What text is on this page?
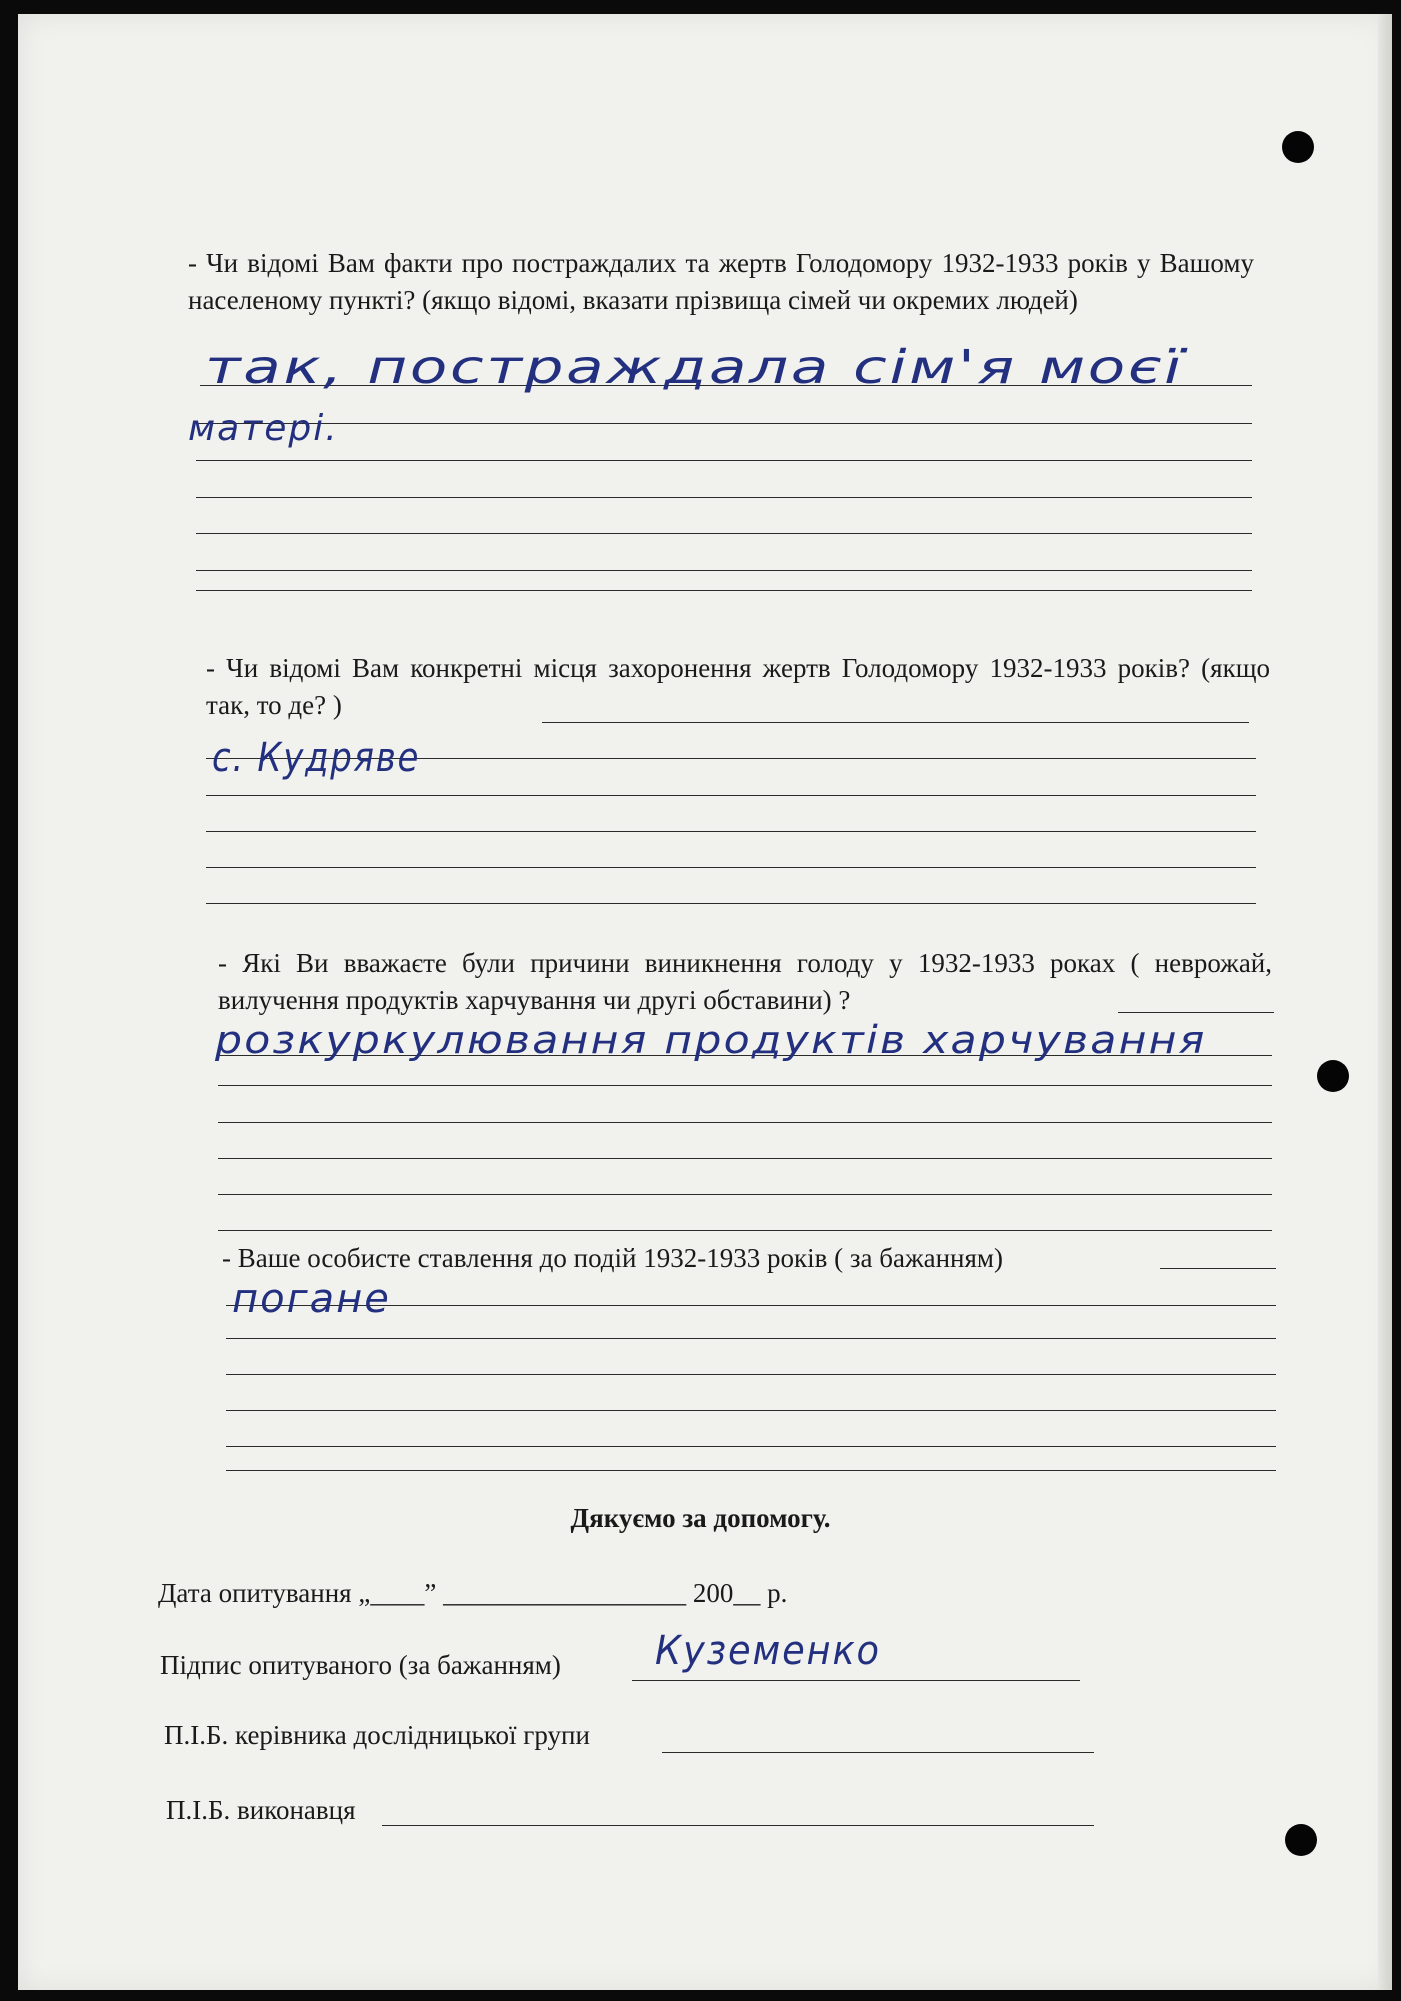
- Чи відомі Вам факти про постраждалих та жертв Голодомору 1932-1933 років у Вашому населеному пункті? (якщо відомі, вказати прізвища сімей чи окремих людей)
так, постраждала сім'я моєї
матері.
- Чи відомі Вам конкретні місця захоронення жертв Голодомору 1932-1933 років? (якщо так, то де? )
с. Кудряве
- Які Ви вважаєте були причини виникнення голоду у 1932-1933 роках ( неврожай, вилучення продуктів харчування чи другі обставини) ?
розкуркулювання продуктів харчування
- Ваше особисте ставлення до подій 1932-1933 років ( за бажанням)
погане
Дякуємо за допомогу.
Дата опитування „____” __________________ 200__ р.
Підпис опитуваного (за бажанням) Куземенко
П.І.Б. керівника дослідницької групи
П.І.Б. виконавця
